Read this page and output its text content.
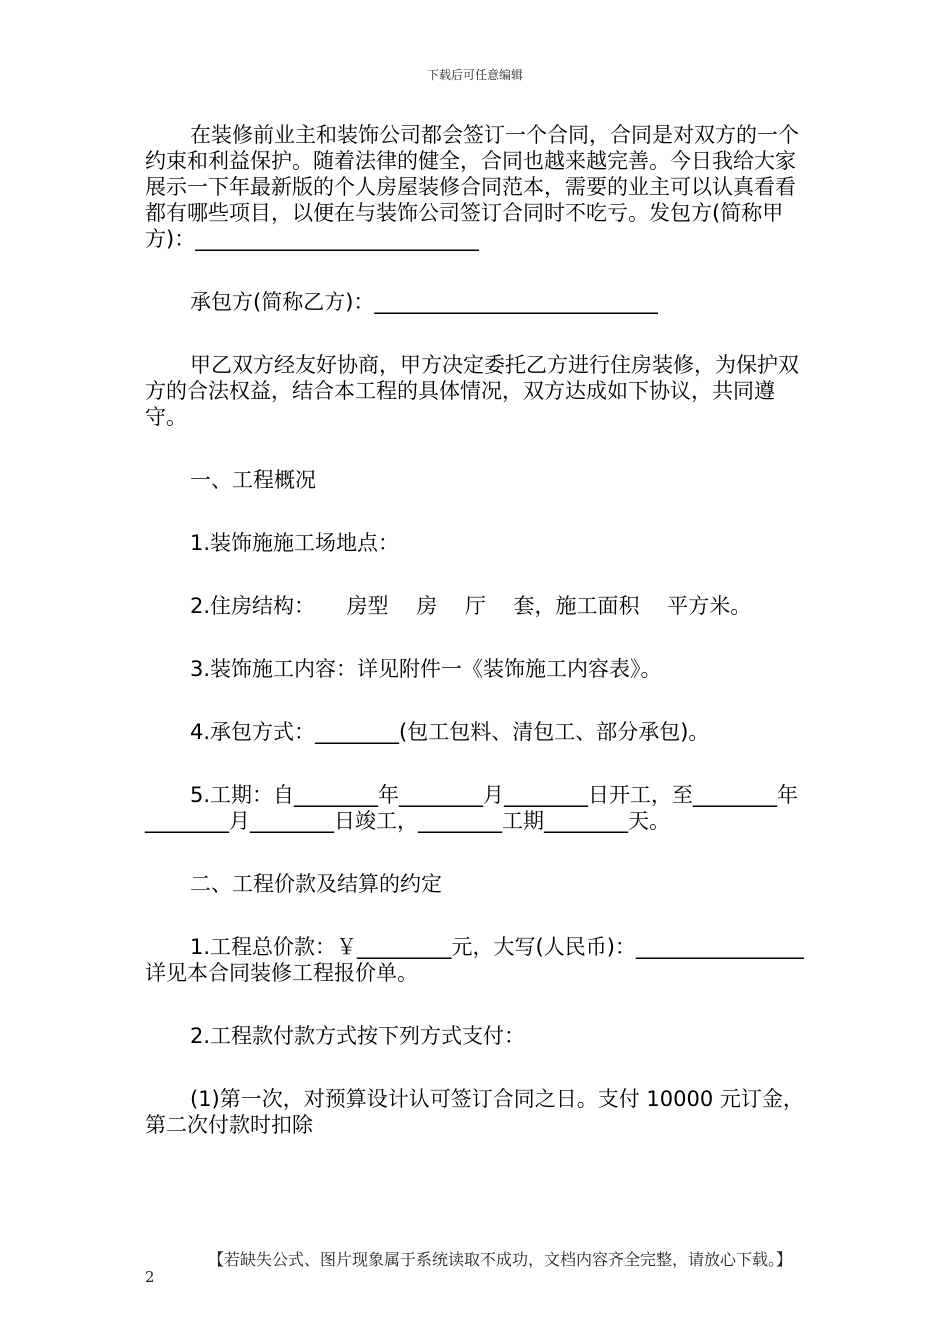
下载后可任意编辑

在装修前业主和装饰公司都会签订一个合同，合同是对双方的一个约束和利益保护。随着法律的健全，合同也越来越完善。今日我给大家展示一下年最新版的个人房屋装修合同范本，需要的业主可以认真看看都有哪些项目，以便在与装饰公司签订合同时不吃亏。发包方(简称甲方)：___________________________

承包方(简称乙方)：___________________________

甲乙双方经友好协商，甲方决定委托乙方进行住房装修，为保护双方的合法权益，结合本工程的具体情况，双方达成如下协议，共同遵守。

一、工程概况

1.装饰施施工场地点：

2.住房结构：　　房型　 房　 厅　 套，施工面积　 平方米。

3.装饰施工内容：详见附件一《装饰施工内容表》。

4.承包方式：________(包工包料、清包工、部分承包)。

5.工期：自________年________月________日开工，至________年________月________日竣工，________工期________天。

二、工程价款及结算的约定

1.工程总价款：￥_________元，大写(人民币)：________________详见本合同装修工程报价单。

2.工程款付款方式按下列方式支付：

(1)第一次，对预算设计认可签订合同之日。支付 10000 元订金，第二次付款时扣除

【若缺失公式、图片现象属于系统读取不成功，文档内容齐全完整，请放心下载。】
2
